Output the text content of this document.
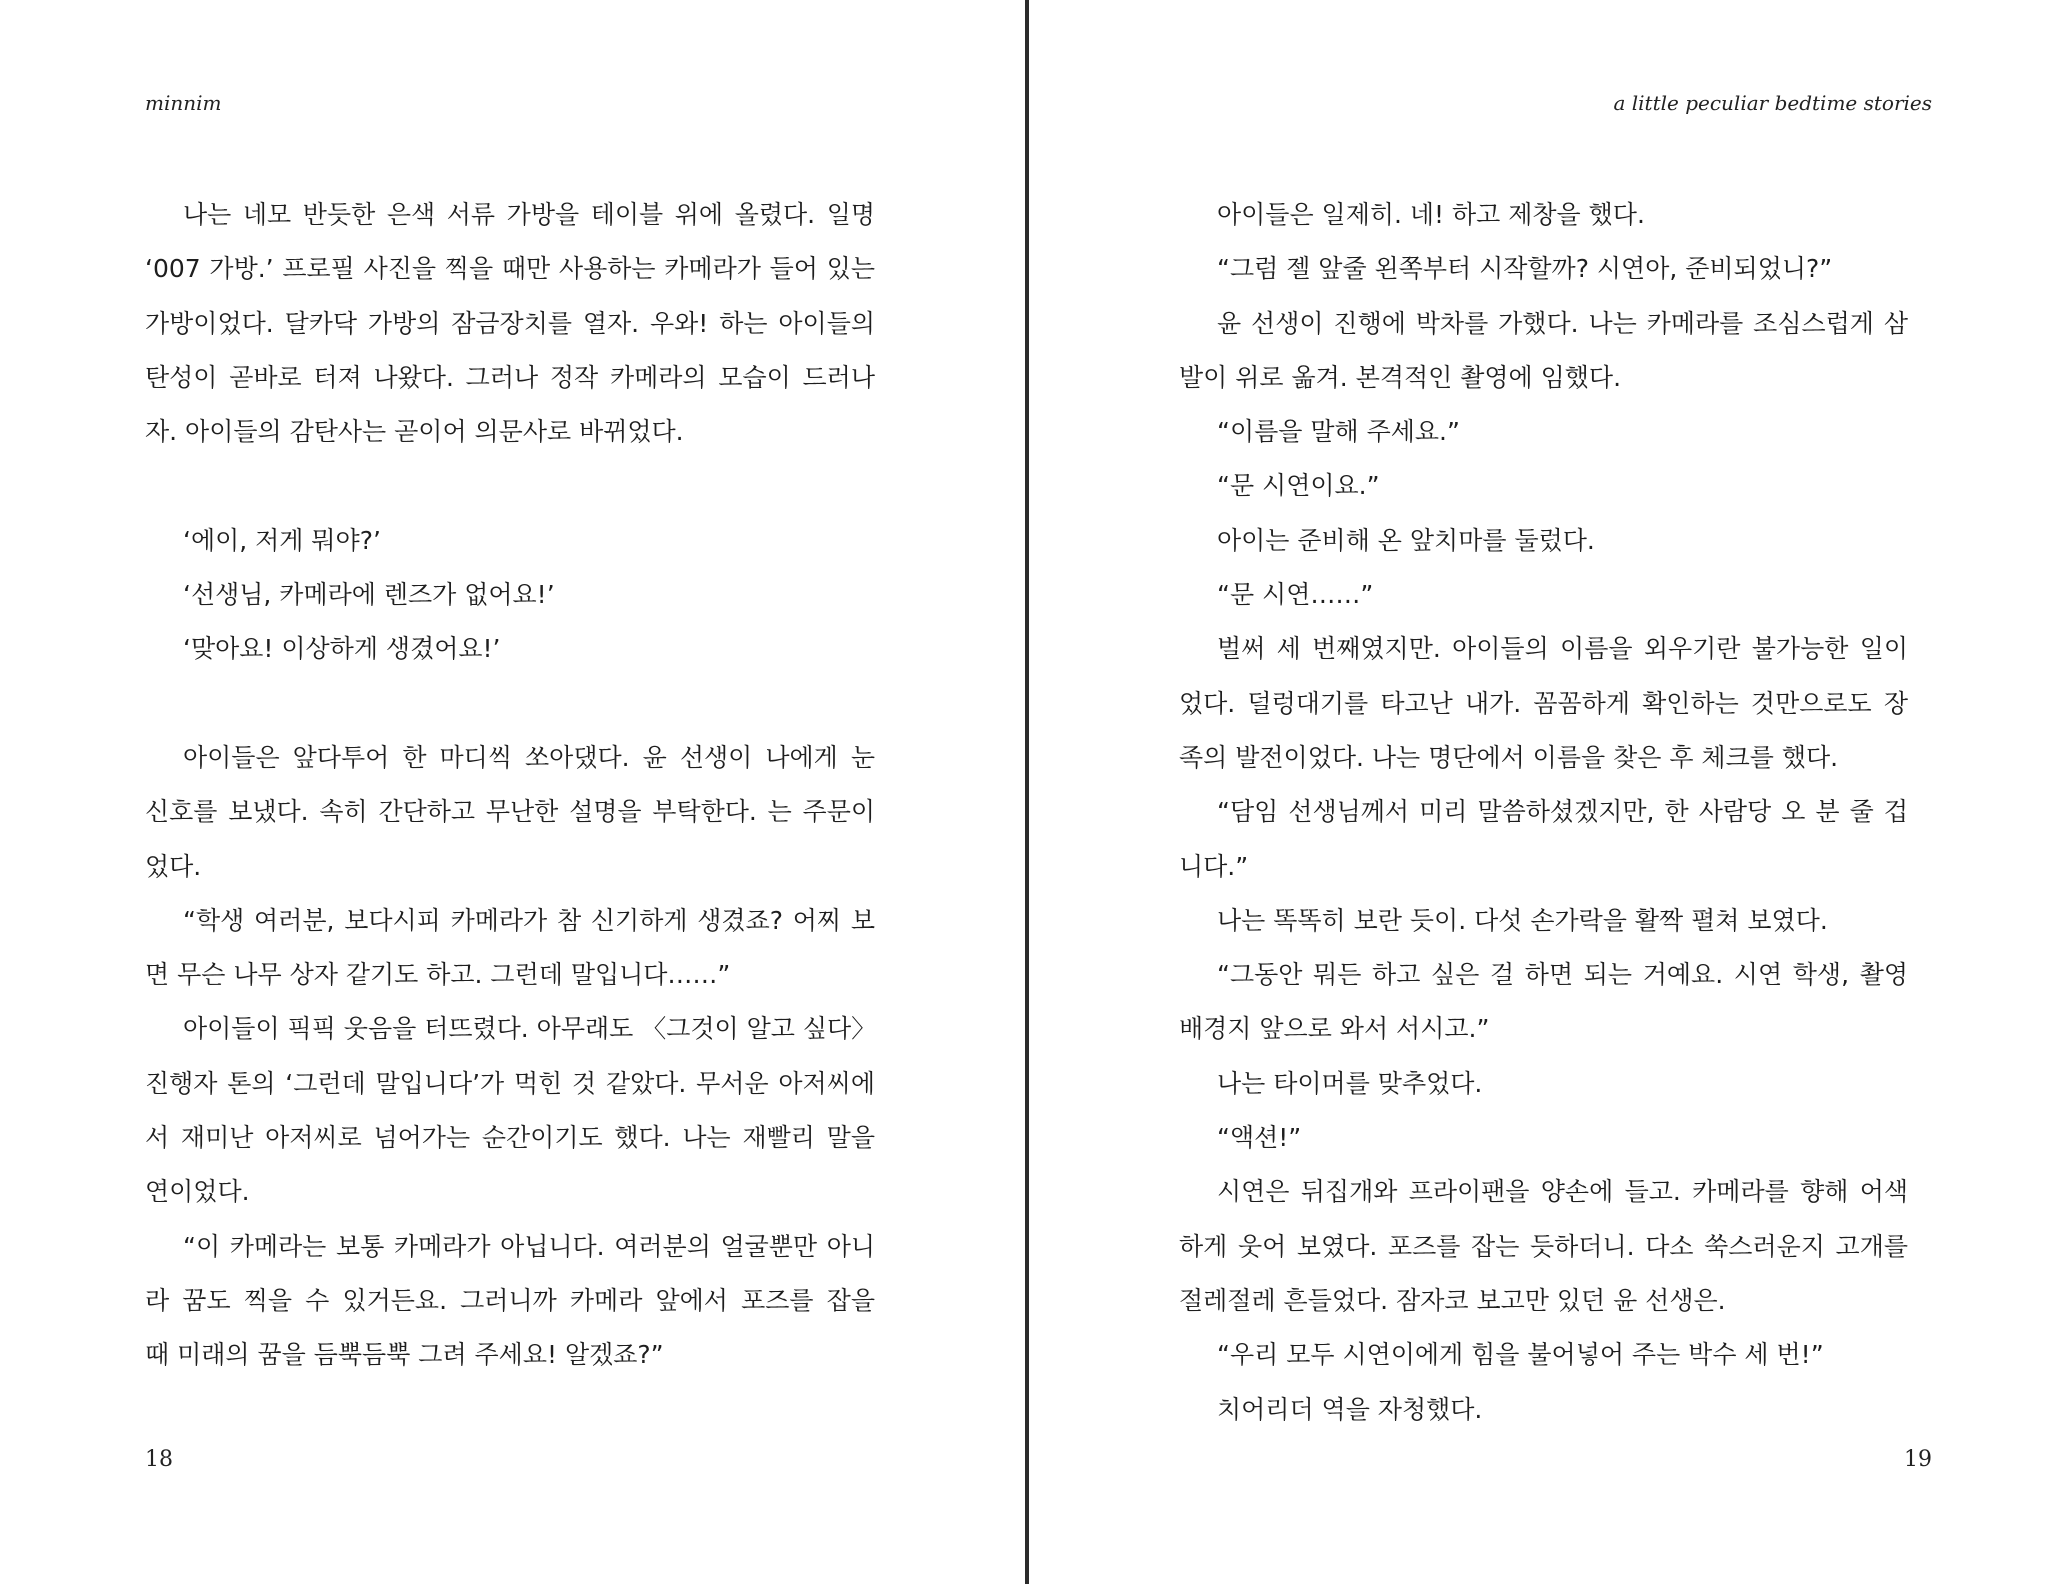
minnim
나는 네모 반듯한 은색 서류 가방을 테이블 위에 올렸다. 일명
‘007 가방.’ 프로필 사진을 찍을 때만 사용하는 카메라가 들어 있는
가방이었다. 달카닥 가방의 잠금장치를 열자. 우와! 하는 아이들의
탄성이 곧바로 터져 나왔다. 그러나 정작 카메라의 모습이 드러나
자. 아이들의 감탄사는 곧이어 의문사로 바뀌었다.
‘에이, 저게 뭐야?’
‘선생님, 카메라에 렌즈가 없어요!’
‘맞아요! 이상하게 생겼어요!’
아이들은 앞다투어 한 마디씩 쏘아댔다. 윤 선생이 나에게 눈
신호를 보냈다. 속히 간단하고 무난한 설명을 부탁한다. 는 주문이
었다.
“학생 여러분, 보다시피 카메라가 참 신기하게 생겼죠? 어찌 보
면 무슨 나무 상자 같기도 하고. 그런데 말입니다……”
아이들이 픽픽 웃음을 터뜨렸다. 아무래도 〈그것이 알고 싶다〉
진행자 톤의 ‘그런데 말입니다’가 먹힌 것 같았다. 무서운 아저씨에
서 재미난 아저씨로 넘어가는 순간이기도 했다. 나는 재빨리 말을
연이었다.
“이 카메라는 보통 카메라가 아닙니다. 여러분의 얼굴뿐만 아니
라 꿈도 찍을 수 있거든요. 그러니까 카메라 앞에서 포즈를 잡을
때 미래의 꿈을 듬뿍듬뿍 그려 주세요! 알겠죠?”
18
a little peculiar bedtime stories
아이들은 일제히. 네! 하고 제창을 했다.
“그럼 젤 앞줄 왼쪽부터 시작할까? 시연아, 준비되었니?”
윤 선생이 진행에 박차를 가했다. 나는 카메라를 조심스럽게 삼
발이 위로 옮겨. 본격적인 촬영에 임했다.
“이름을 말해 주세요.”
“문 시연이요.”
아이는 준비해 온 앞치마를 둘렀다.
“문 시연……”
벌써 세 번째였지만. 아이들의 이름을 외우기란 불가능한 일이
었다. 덜렁대기를 타고난 내가. 꼼꼼하게 확인하는 것만으로도 장
족의 발전이었다. 나는 명단에서 이름을 찾은 후 체크를 했다.
“담임 선생님께서 미리 말씀하셨겠지만, 한 사람당 오 분 줄 겁
니다.”
나는 똑똑히 보란 듯이. 다섯 손가락을 활짝 펼쳐 보였다.
“그동안 뭐든 하고 싶은 걸 하면 되는 거예요. 시연 학생, 촬영
배경지 앞으로 와서 서시고.”
나는 타이머를 맞추었다.
“액션!”
시연은 뒤집개와 프라이팬을 양손에 들고. 카메라를 향해 어색
하게 웃어 보였다. 포즈를 잡는 듯하더니. 다소 쑥스러운지 고개를
절레절레 흔들었다. 잠자코 보고만 있던 윤 선생은.
“우리 모두 시연이에게 힘을 불어넣어 주는 박수 세 번!”
치어리더 역을 자청했다.
19
